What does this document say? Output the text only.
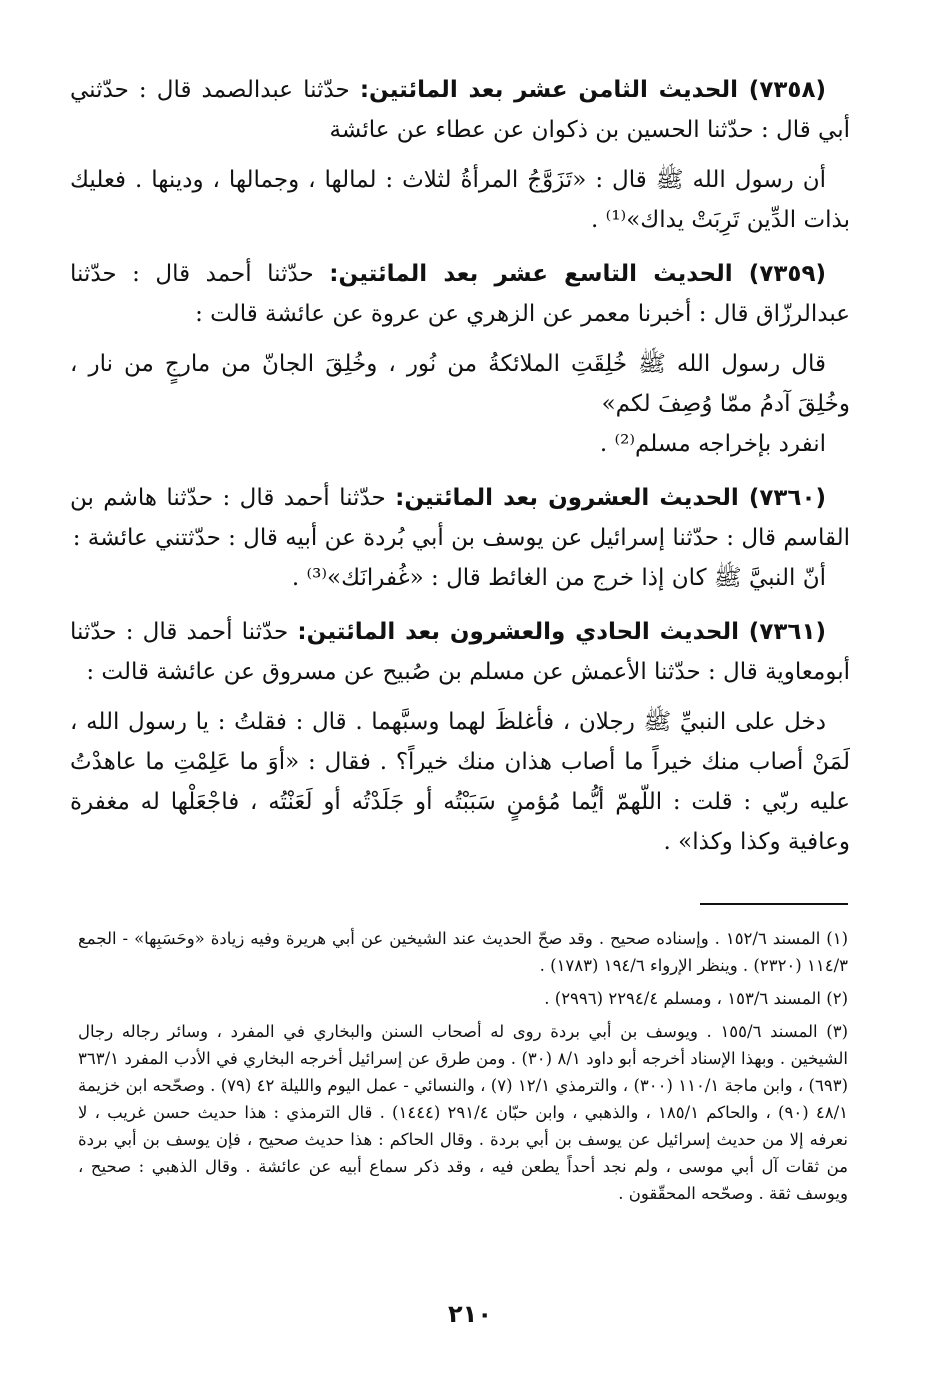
(٧٣٥٨) الحديث الثامن عشر بعد المائتين: حدّثنا عبدالصمد قال : حدّثني أبي قال : حدّثنا الحسين بن ذكوان عن عطاء عن عائشة

أن رسول الله ﷺ قال : «تَزَوَّجُ المرأةُ لثلاث : لمالها ، وجمالها ، ودينها . فعليك بذات الدِّين تَرِبَتْ يداك»⁽¹⁾ .

(٧٣٥٩) الحديث التاسع عشر بعد المائتين: حدّثنا أحمد قال : حدّثنا عبدالرزّاق قال : أخبرنا معمر عن الزهري عن عروة عن عائشة قالت :

قال رسول الله ﷺ خُلِقَتِ الملائكةُ من نُور ، وخُلِقَ الجانّ من مارجٍ من نار ، وخُلِقَ آدمُ ممّا وُصِفَ لكم»

انفرد بإخراجه مسلم⁽²⁾ .

(٧٣٦٠) الحديث العشرون بعد المائتين: حدّثنا أحمد قال : حدّثنا هاشم بن القاسم قال : حدّثنا إسرائيل عن يوسف بن أبي بُردة عن أبيه قال : حدّثتني عائشة :

أنّ النبيَّ ﷺ كان إذا خرج من الغائط قال : «غُفرانَك»⁽³⁾ .

(٧٣٦١) الحديث الحادي والعشرون بعد المائتين: حدّثنا أحمد قال : حدّثنا أبومعاوية قال : حدّثنا الأعمش عن مسلم بن صُبيح عن مسروق عن عائشة قالت :

دخل على النبيِّ ﷺ رجلان ، فأغلظَ لهما وسبَّهما . قال : فقلتُ : يا رسول الله ، لَمَنْ أصاب منك خيراً ما أصاب هذان منك خيراً؟ . فقال : «أوَ ما عَلِمْتِ ما عاهدْتُ عليه ربّي : قلت : اللّهمّ أيُّما مُؤمنٍ سَبَبْتُه أو جَلَدْتُه أو لَعَنْتُه ، فاجْعَلْها له مغفرة وعافية وكذا وكذا» .

(١) المسند ١٥٢/٦ . وإسناده صحيح . وقد صحّ الحديث عند الشيخين عن أبي هريرة وفيه زيادة «وحَسَبِها» - الجمع ١١٤/٣ (٢٣٢٠) . وينظر الإرواء ١٩٤/٦ (١٧٨٣) .

(٢) المسند ١٥٣/٦ ، ومسلم ٢٢٩٤/٤ (٢٩٩٦) .

(٣) المسند ١٥٥/٦ . ويوسف بن أبي بردة روى له أصحاب السنن والبخاري في المفرد ، وسائر رجاله رجال الشيخين . وبهذا الإسناد أخرجه أبو داود ٨/١ (٣٠) . ومن طرق عن إسرائيل أخرجه البخاري في الأدب المفرد ٣٦٣/١ (٦٩٣) ، وابن ماجة ١١٠/١ (٣٠٠) ، والترمذي ١٢/١ (٧) ، والنسائي - عمل اليوم والليلة ٤٢ (٧٩) . وصحّحه ابن خزيمة ٤٨/١ (٩٠) ، والحاكم ١٨٥/١ ، والذهبي ، وابن حبّان ٢٩١/٤ (١٤٤٤) . قال الترمذي : هذا حديث حسن غريب ، لا نعرفه إلا من حديث إسرائيل عن يوسف بن أبي بردة . وقال الحاكم : هذا حديث صحيح ، فإن يوسف بن أبي بردة من ثقات آل أبي موسى ، ولم نجد أحداً يطعن فيه ، وقد ذكر سماع أبيه عن عائشة . وقال الذهبي : صحيح ، ويوسف ثقة . وصحّحه المحقّقون .

٢١٠
